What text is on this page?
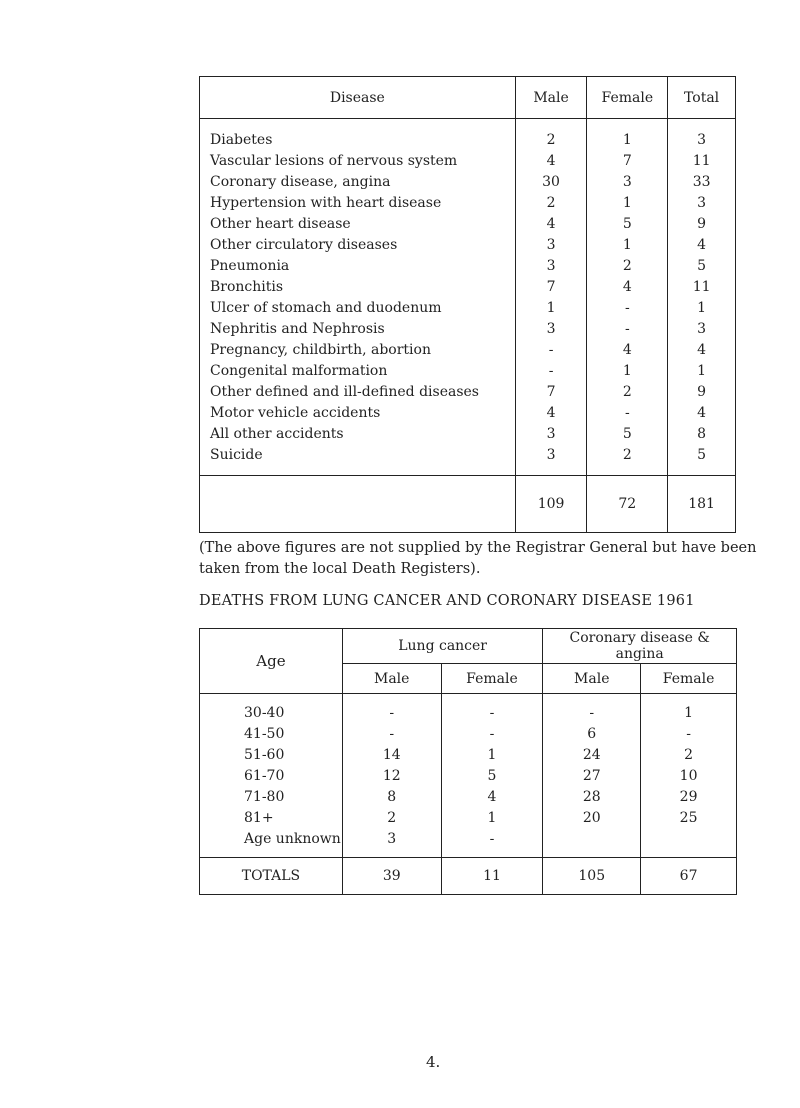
Disease	Male	Female	Total
Diabetes	2	1	3
Vascular lesions of nervous system	4	7	11
Coronary disease, angina	30	3	33
Hypertension with heart disease	2	1	3
Other heart disease	4	5	9
Other circulatory diseases	3	1	4
Pneumonia	3	2	5
Bronchitis	7	4	11
Ulcer of stomach and duodenum	1	-	1
Nephritis and Nephrosis	3	-	3
Pregnancy, childbirth, abortion	-	4	4
Congenital malformation	-	1	1
Other defined and ill-defined diseases	7	2	9
Motor vehicle accidents	4	-	4
All other accidents	3	5	8
Suicide	3	2	5
	109	72	181
(The above figures are not supplied by the Registrar General but have been taken from the local Death Registers).
DEATHS FROM LUNG CANCER AND CORONARY DISEASE 1961
Age	Lung cancer		Coronary disease & angina	
	Male	Female	Male	Female
30-40	-	-	-	1
41-50	-	-	6	-
51-60	14	1	24	2
61-70	12	5	27	10
71-80	8	4	28	29
81+	2	1	20	25
Age unknown	3	-		
TOTALS	39	11	105	67
4.
